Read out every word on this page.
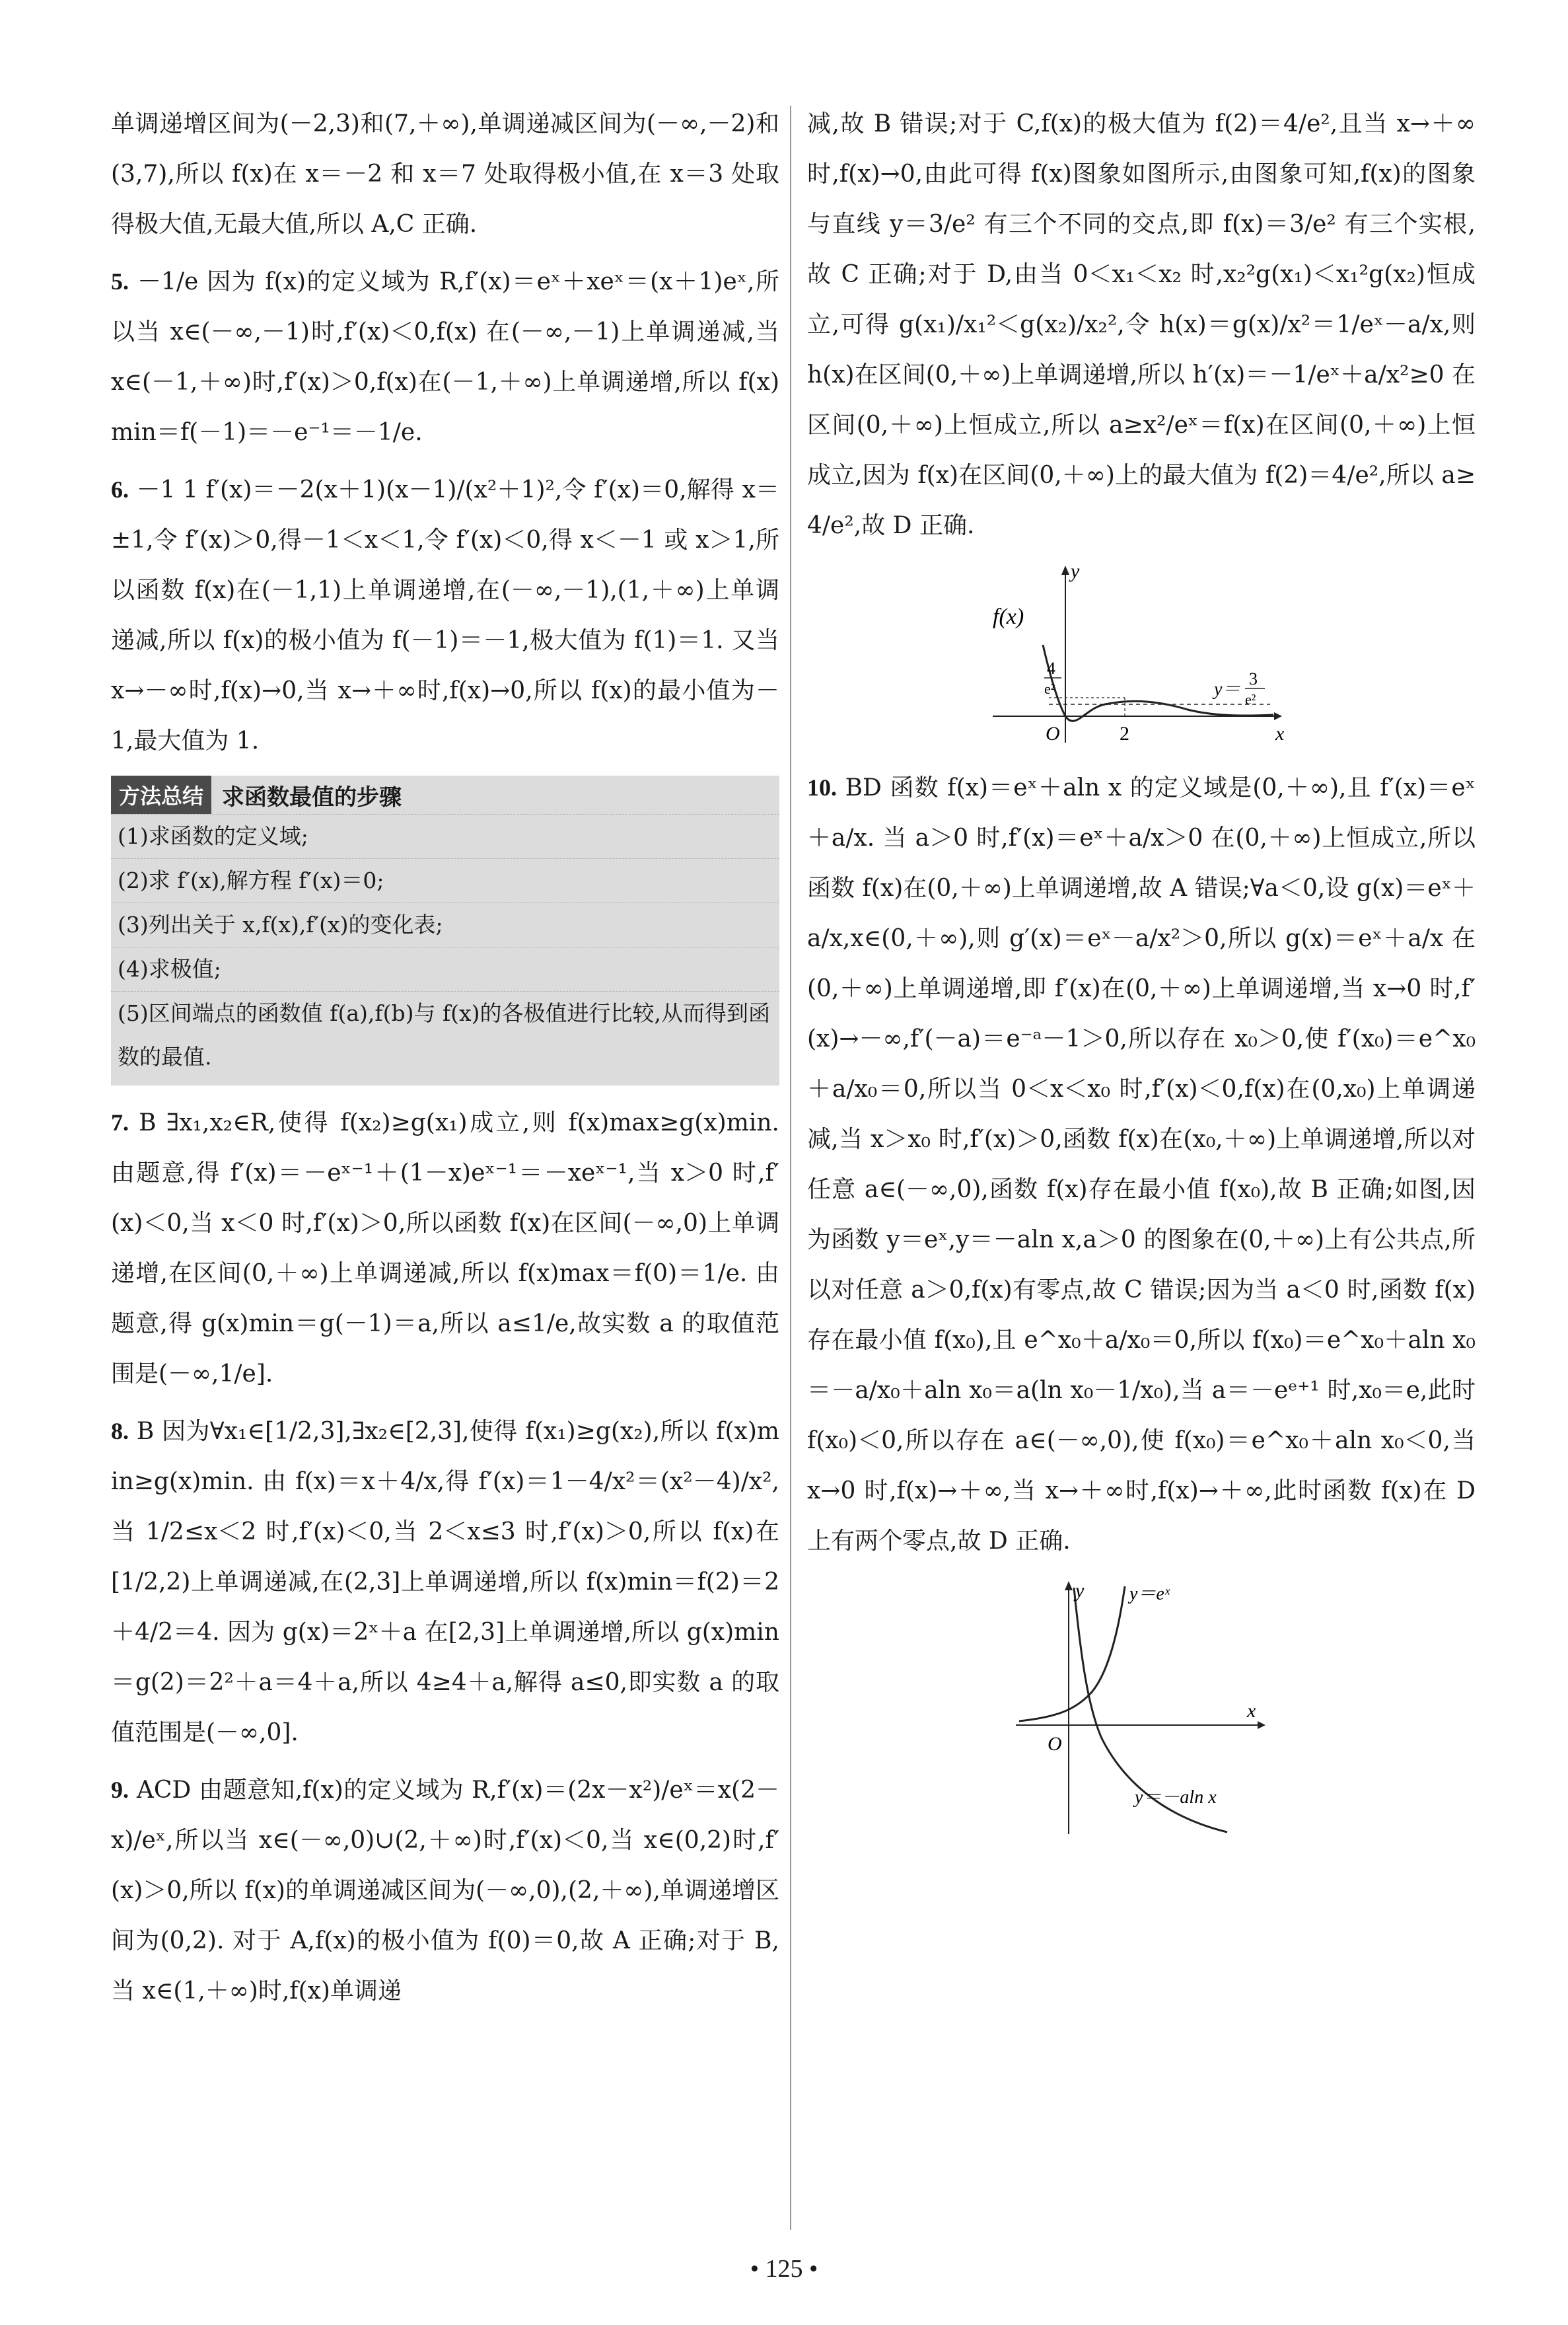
单调递增区间为(－2,3)和(7,＋∞),单调递减区间为(－∞,－2)和(3,7),所以 f(x)在 x＝－2 和 x＝7 处取得极小值,在 x＝3 处取得极大值,无最大值,所以 A,C 正确.

5. －1/e 因为 f(x)的定义域为 R,f′(x)＝eˣ＋xeˣ＝(x＋1)eˣ,所以当 x∈(－∞,－1)时,f′(x)＜0,f(x) 在(－∞,－1)上单调递减,当 x∈(－1,＋∞)时,f′(x)＞0,f(x)在(－1,＋∞)上单调递增,所以 f(x)min＝f(－1)＝－e⁻¹＝－1/e.

6. －1 1 f′(x)＝－2(x＋1)(x－1)/(x²＋1)²,令 f′(x)＝0,解得 x＝±1,令 f′(x)＞0,得－1＜x＜1,令 f′(x)＜0,得 x＜－1 或 x＞1,所以函数 f(x)在(－1,1)上单调递增,在(－∞,－1),(1,＋∞)上单调递减,所以 f(x)的极小值为 f(－1)＝－1,极大值为 f(1)＝1. 又当 x→－∞时,f(x)→0,当 x→＋∞时,f(x)→0,所以 f(x)的最小值为－1,最大值为 1.

方法总结 求函数最值的步骤
(1)求函数的定义域;
(2)求 f′(x),解方程 f′(x)＝0;
(3)列出关于 x,f(x),f′(x)的变化表;
(4)求极值;
(5)区间端点的函数值 f(a),f(b)与 f(x)的各极值进行比较,从而得到函数的最值.

7. B ∃x₁,x₂∈R,使得 f(x₂)≥g(x₁)成立,则 f(x)max≥g(x)min. 由题意,得 f′(x)＝－eˣ⁻¹＋(1－x)eˣ⁻¹＝－xeˣ⁻¹,当 x＞0 时,f′(x)＜0,当 x＜0 时,f′(x)＞0,所以函数 f(x)在区间(－∞,0)上单调递增,在区间(0,＋∞)上单调递减,所以 f(x)max＝f(0)＝1/e. 由题意,得 g(x)min＝g(－1)＝a,所以 a≤1/e,故实数 a 的取值范围是(－∞,1/e].

8. B 因为∀x₁∈[1/2,3],∃x₂∈[2,3],使得 f(x₁)≥g(x₂),所以 f(x)min≥g(x)min. 由 f(x)＝x＋4/x,得 f′(x)＝1－4/x²＝(x²－4)/x²,当 1/2≤x＜2 时,f′(x)＜0,当 2＜x≤3 时,f′(x)＞0,所以 f(x)在[1/2,2)上单调递减,在(2,3]上单调递增,所以 f(x)min＝f(2)＝2＋4/2＝4. 因为 g(x)＝2ˣ＋a 在[2,3]上单调递增,所以 g(x)min＝g(2)＝2²＋a＝4＋a,所以 4≥4＋a,解得 a≤0,即实数 a 的取值范围是(－∞,0].

9. ACD 由题意知,f(x)的定义域为 R,f′(x)＝(2x－x²)/eˣ＝x(2－x)/eˣ,所以当 x∈(－∞,0)∪(2,＋∞)时,f′(x)＜0,当 x∈(0,2)时,f′(x)＞0,所以 f(x)的单调递减区间为(－∞,0),(2,＋∞),单调递增区间为(0,2). 对于 A,f(x)的极小值为 f(0)＝0,故 A 正确;对于 B,当 x∈(1,＋∞)时,f(x)单调递

减,故 B 错误;对于 C,f(x)的极大值为 f(2)＝4/e²,且当 x→＋∞时,f(x)→0,由此可得 f(x)图象如图所示,由图象可知,f(x)的图象与直线 y＝3/e² 有三个不同的交点,即 f(x)＝3/e² 有三个实根,故 C 正确;对于 D,由当 0＜x₁＜x₂ 时,x₂²g(x₁)＜x₁²g(x₂)恒成立,可得 g(x₁)/x₁²＜g(x₂)/x₂²,令 h(x)＝g(x)/x²＝1/eˣ－a/x,则 h(x)在区间(0,＋∞)上单调递增,所以 h′(x)＝－1/eˣ＋a/x²≥0 在区间(0,＋∞)上恒成立,所以 a≥x²/eˣ＝f(x)在区间(0,＋∞)上恒成立,因为 f(x)在区间(0,＋∞)上的最大值为 f(2)＝4/e²,所以 a≥4/e²,故 D 正确.

f(x)
y
x
O	2
4
e²	y＝
3
e²

10. BD 函数 f(x)＝eˣ＋aln x 的定义域是(0,＋∞),且 f′(x)＝eˣ＋a/x. 当 a＞0 时,f′(x)＝eˣ＋a/x＞0 在(0,＋∞)上恒成立,所以函数 f(x)在(0,＋∞)上单调递增,故 A 错误;∀a＜0,设 g(x)＝eˣ＋a/x,x∈(0,＋∞),则 g′(x)＝eˣ－a/x²＞0,所以 g(x)＝eˣ＋a/x 在(0,＋∞)上单调递增,即 f′(x)在(0,＋∞)上单调递增,当 x→0 时,f′(x)→－∞,f′(－a)＝e⁻ᵃ－1＞0,所以存在 x₀＞0,使 f′(x₀)＝e^x₀＋a/x₀＝0,所以当 0＜x＜x₀ 时,f′(x)＜0,f(x)在(0,x₀)上单调递减,当 x＞x₀ 时,f′(x)＞0,函数 f(x)在(x₀,＋∞)上单调递增,所以对任意 a∈(－∞,0),函数 f(x)存在最小值 f(x₀),故 B 正确;如图,因为函数 y＝eˣ,y＝－aln x,a＞0 的图象在(0,＋∞)上有公共点,所以对任意 a＞0,f(x)有零点,故 C 错误;因为当 a＜0 时,函数 f(x)存在最小值 f(x₀),且 e^x₀＋a/x₀＝0,所以 f(x₀)＝e^x₀＋aln x₀＝－a/x₀＋aln x₀＝a(ln x₀－1/x₀),当 a＝－eᵉ⁺¹ 时,x₀＝e,此时 f(x₀)＜0,所以存在 a∈(－∞,0),使 f(x₀)＝e^x₀＋aln x₀＜0,当 x→0 时,f(x)→＋∞,当 x→＋∞时,f(x)→＋∞,此时函数 f(x)在 D 上有两个零点,故 D 正确.

y
x
O
y＝eˣ
y＝－aln x
• 125 •
